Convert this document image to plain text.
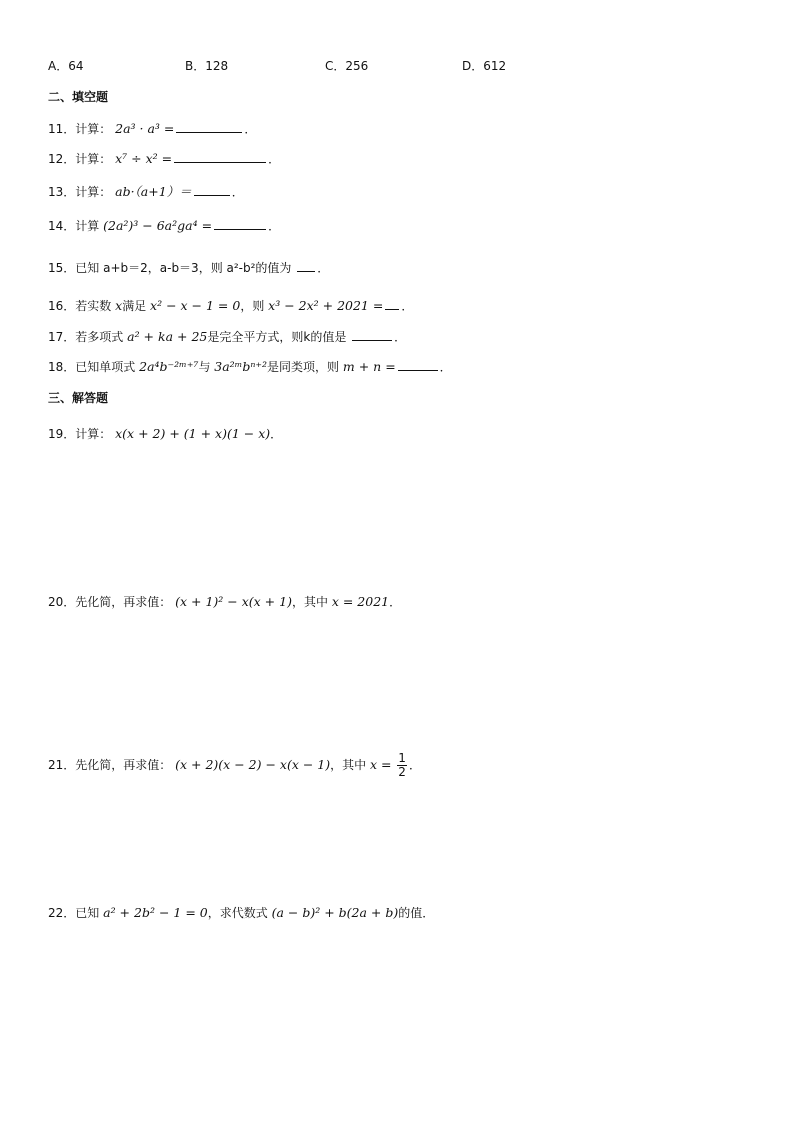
A．64	B．128	C．256	D．612
二、填空题
11．计算： 2a³ · a³ =	．
12．计算： x⁷ ÷ x² =	．
13．计算： ab·（a+1）＝	．
14．计算 (2a²)³ − 6a²ga⁴ =	．
15．已知 a+b＝2，a-b＝3，则 a²-b²的值为 ．
16．若实数 x满足 x² − x − 1 = 0，则 x³ − 2x² + 2021 = ．
17．若多项式 a² + ka + 25是完全平方式，则k的值是	．
18．已知单项式 2a⁴b⁻²ᵐ⁺⁷与 3a²ᵐbⁿ⁺²是同类项，则 m + n =	．
三、解答题
19．计算： x(x + 2) + (1 + x)(1 − x)．
20．先化简，再求值： (x + 1)² − x(x + 1)，其中 x = 2021．
21．先化简，再求值： (x + 2)(x − 2) − x(x − 1)，其中 $x = \frac{1}{2}$ ．
22．已知 a² + 2b² − 1 = 0，求代数式 (a − b)² + b(2a + b)的值．
